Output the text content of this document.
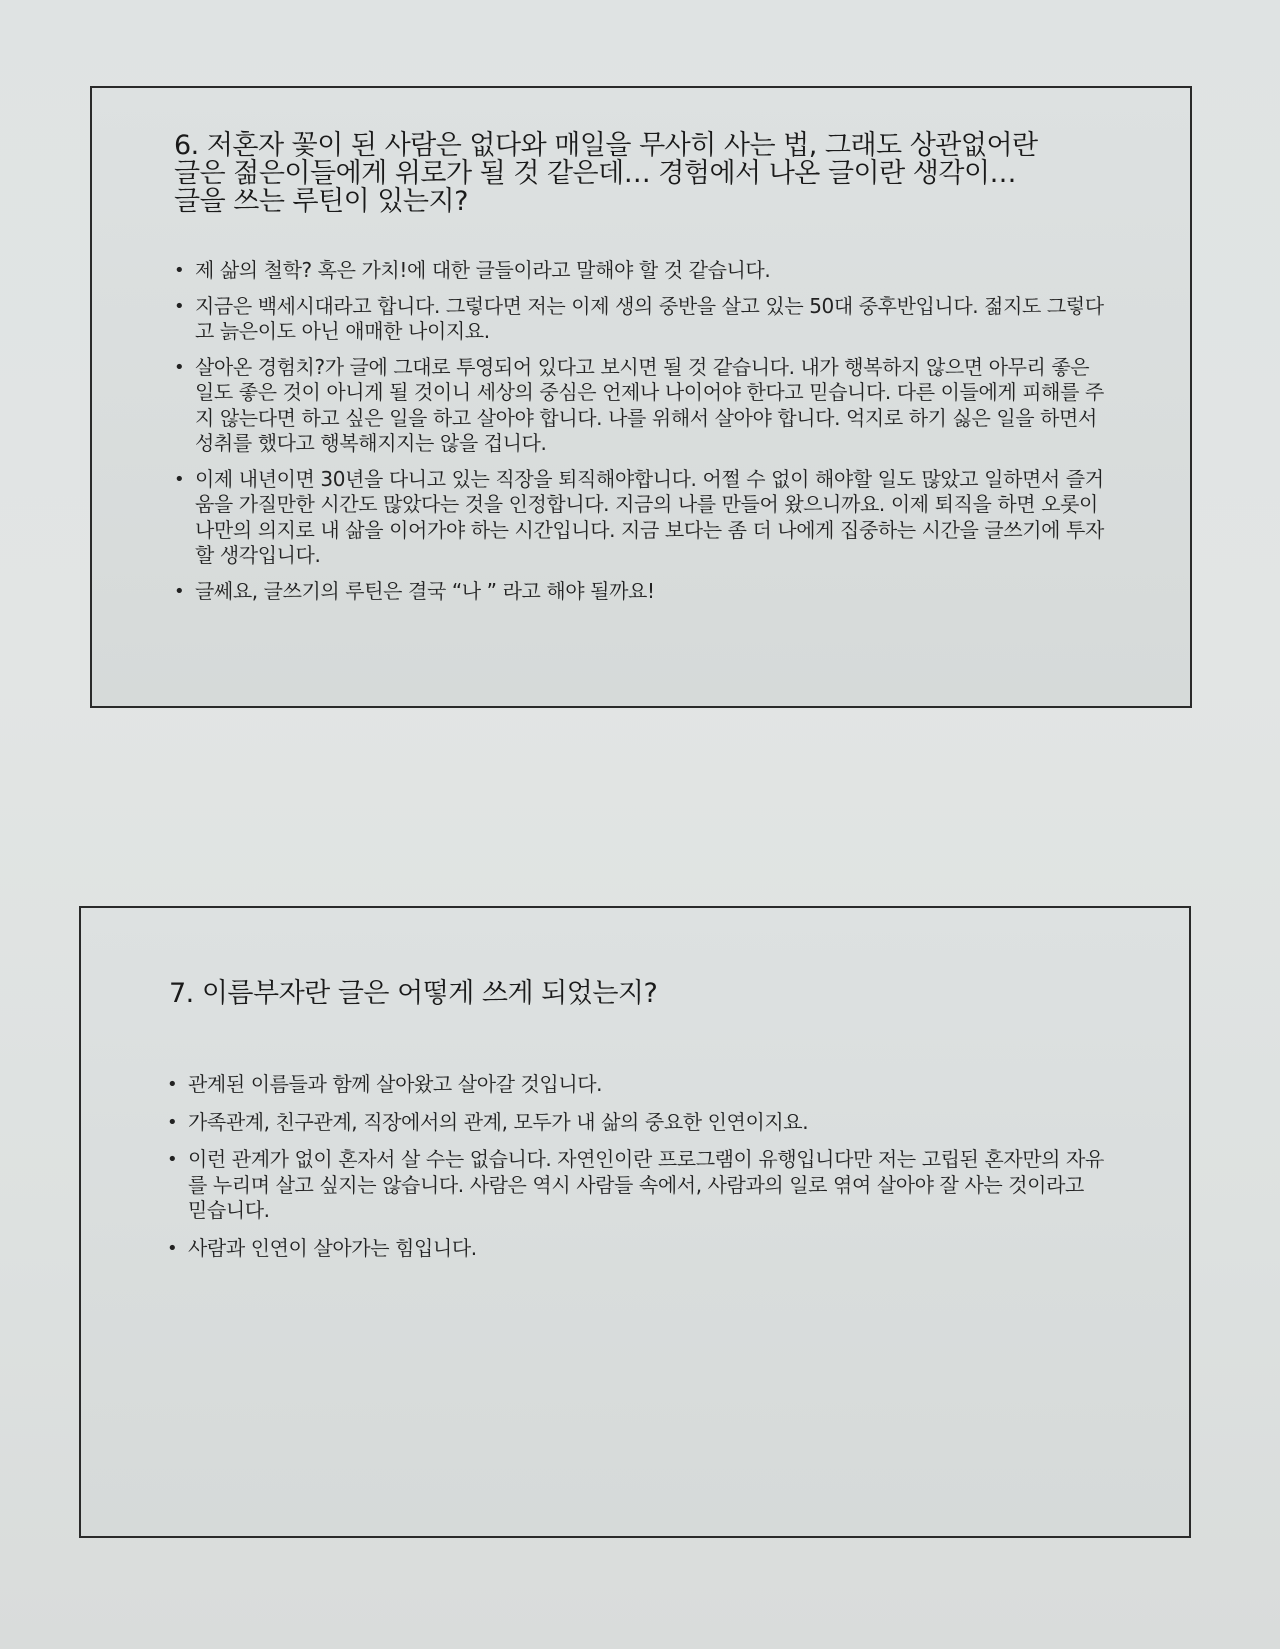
6. 저혼자 꽃이 된 사람은 없다와 매일을 무사히 사는 법, 그래도 상관없어란
글은 젊은이들에게 위로가 될 것 같은데… 경험에서 나온 글이란 생각이…
글을 쓰는 루틴이 있는지?
• 제 삶의 철학? 혹은 가치!에 대한 글들이라고 말해야 할 것 같습니다.
• 지금은 백세시대라고 합니다. 그렇다면 저는 이제 생의 중반을 살고 있는 50대 중후반입니다. 젊지도 그렇다고 늙은이도 아닌 애매한 나이지요.
• 살아온 경험치?가 글에 그대로 투영되어 있다고 보시면 될 것 같습니다. 내가 행복하지 않으면 아무리 좋은 일도 좋은 것이 아니게 될 것이니 세상의 중심은 언제나 나이어야 한다고 믿습니다. 다른 이들에게 피해를 주지 않는다면 하고 싶은 일을 하고 살아야 합니다. 나를 위해서 살아야 합니다. 억지로 하기 싫은 일을 하면서 성취를 했다고 행복해지지는 않을 겁니다.
• 이제 내년이면 30년을 다니고 있는 직장을 퇴직해야합니다. 어쩔 수 없이 해야할 일도 많았고 일하면서 즐거움을 가질만한 시간도 많았다는 것을 인정합니다. 지금의 나를 만들어 왔으니까요. 이제 퇴직을 하면 오롯이 나만의 의지로 내 삶을 이어가야 하는 시간입니다. 지금 보다는 좀 더 나에게 집중하는 시간을 글쓰기에 투자할 생각입니다.
• 글쎄요, 글쓰기의 루틴은 결국 “나 ” 라고 해야 될까요!
7. 이름부자란 글은 어떻게 쓰게 되었는지?
• 관계된 이름들과 함께 살아왔고 살아갈 것입니다.
• 가족관계, 친구관계, 직장에서의 관계, 모두가 내 삶의 중요한 인연이지요.
• 이런 관계가 없이 혼자서 살 수는 없습니다. 자연인이란 프로그램이 유행입니다만 저는 고립된 혼자만의 자유를 누리며 살고 싶지는 않습니다. 사람은 역시 사람들 속에서, 사람과의 일로 엮여 살아야 잘 사는 것이라고 믿습니다.
• 사람과 인연이 살아가는 힘입니다.
